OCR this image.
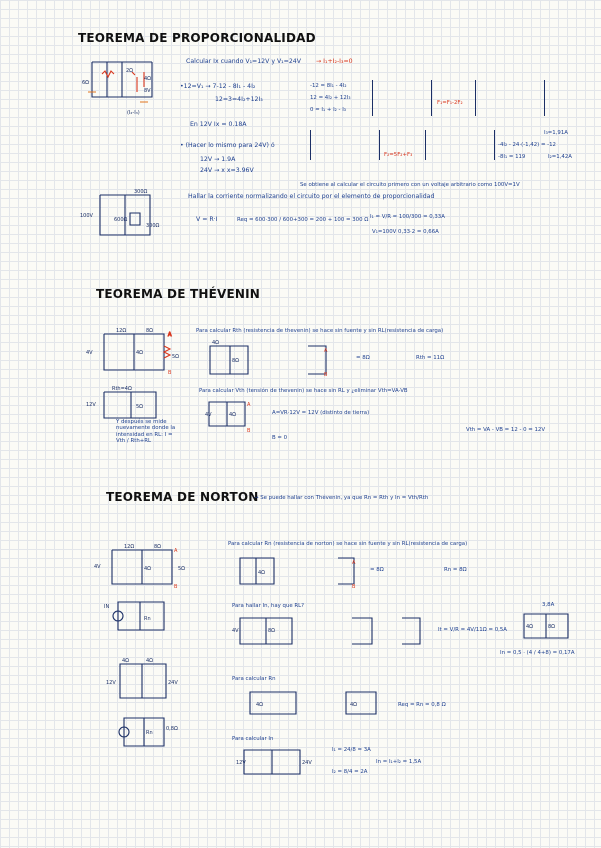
TEOREMA DE PROPORCIONALIDAD
6Ω
2Ω
4Ω
8V
(I₂-I₃)
Calcular Ix cuando V₁=12V y V₁=24V → I₁+I₂-I₃=0
•12=V₁ → 7-12 - 8I₁ - 4I₂
12=3=4I₂+12I₃
En 12V Ix = 0.18A
• (Hacer lo mismo para 24V) ó
12V → 1.9A
24V → x x=3.96V
-12 = 8I₁ - 4I₂
12 = 4I₂ + 12I₃
0 = I₁ + I₂ - I₃
F₁=F₁-2F₂
F₂=5F₂+F₃
I₃=1,91A
-4I₂ - 24·(-1,42) = -12
-8I₁ = 119	I₂=1,42A
100V
300Ω
300Ω
600Ω
Se obtiene al calcular el circuito primero con un voltaje arbitrario como 100V=1V
Hallar la corriente normalizando el circuito por el elemento de proporcionalidad
V = R·I	Req = 600·300 / 600+300 = 200 + 100 = 300 Ω I₁ = V/R = 100/300 = 0,33A
V₁=100V 0,33·2 = 0,66A
TEOREMA DE THÉVENIN
4V
12Ω	8Ω
4Ω
5Ω
A
B
12V
Rth=4Ω
5Ω
Para calcular Rth (resistencia de thevenin) se hace sin fuente y sin RL(resistencia de carga)
8Ω
4Ω
A
B
= 8Ω	Rth = 11Ω
Para calcular Vth (tensión de thevenin) se hace sin RL y ¿eliminar Vth=VA-VB
4V	4Ω
A
B
A=VR·12V = 12V (distinto de tierra)
B = 0
Vth = VA - VB = 12 - 0 = 12V
Y después se mide nuevamente donde la intensidad en RL: I = Vth / Rth+RL
TEOREMA DE NORTON
→ Se puede hallar con Thévenin, ya que Rn = Rth y In = Vth/Rth
4V
12Ω	8Ω
4Ω	5Ω
A
B
IN
Rn
4Ω	4Ω
12V	24V
Rn
0,8Ω
Para calcular Rn (resistencia de norton) se hace sin fuente y sin RL(resistencia de carga)
4Ω
A
B
= 8Ω	Rn = 8Ω
Para hallar In, hay que RL?
4V	8Ω	It = V/R = 4V/11Ω = 0,5A
3,8A
4Ω	8Ω
In = 0,5 · (4 / 4+8) = 0,17A
Para calcular Rn
4Ω	4Ω	Req = Rn = 0,8 Ω
Para calcular In
12V	24V
I₁ = 24/8 = 3A
I₂ = 8/4 = 2A
In = I₁+I₂ = 1,5A
